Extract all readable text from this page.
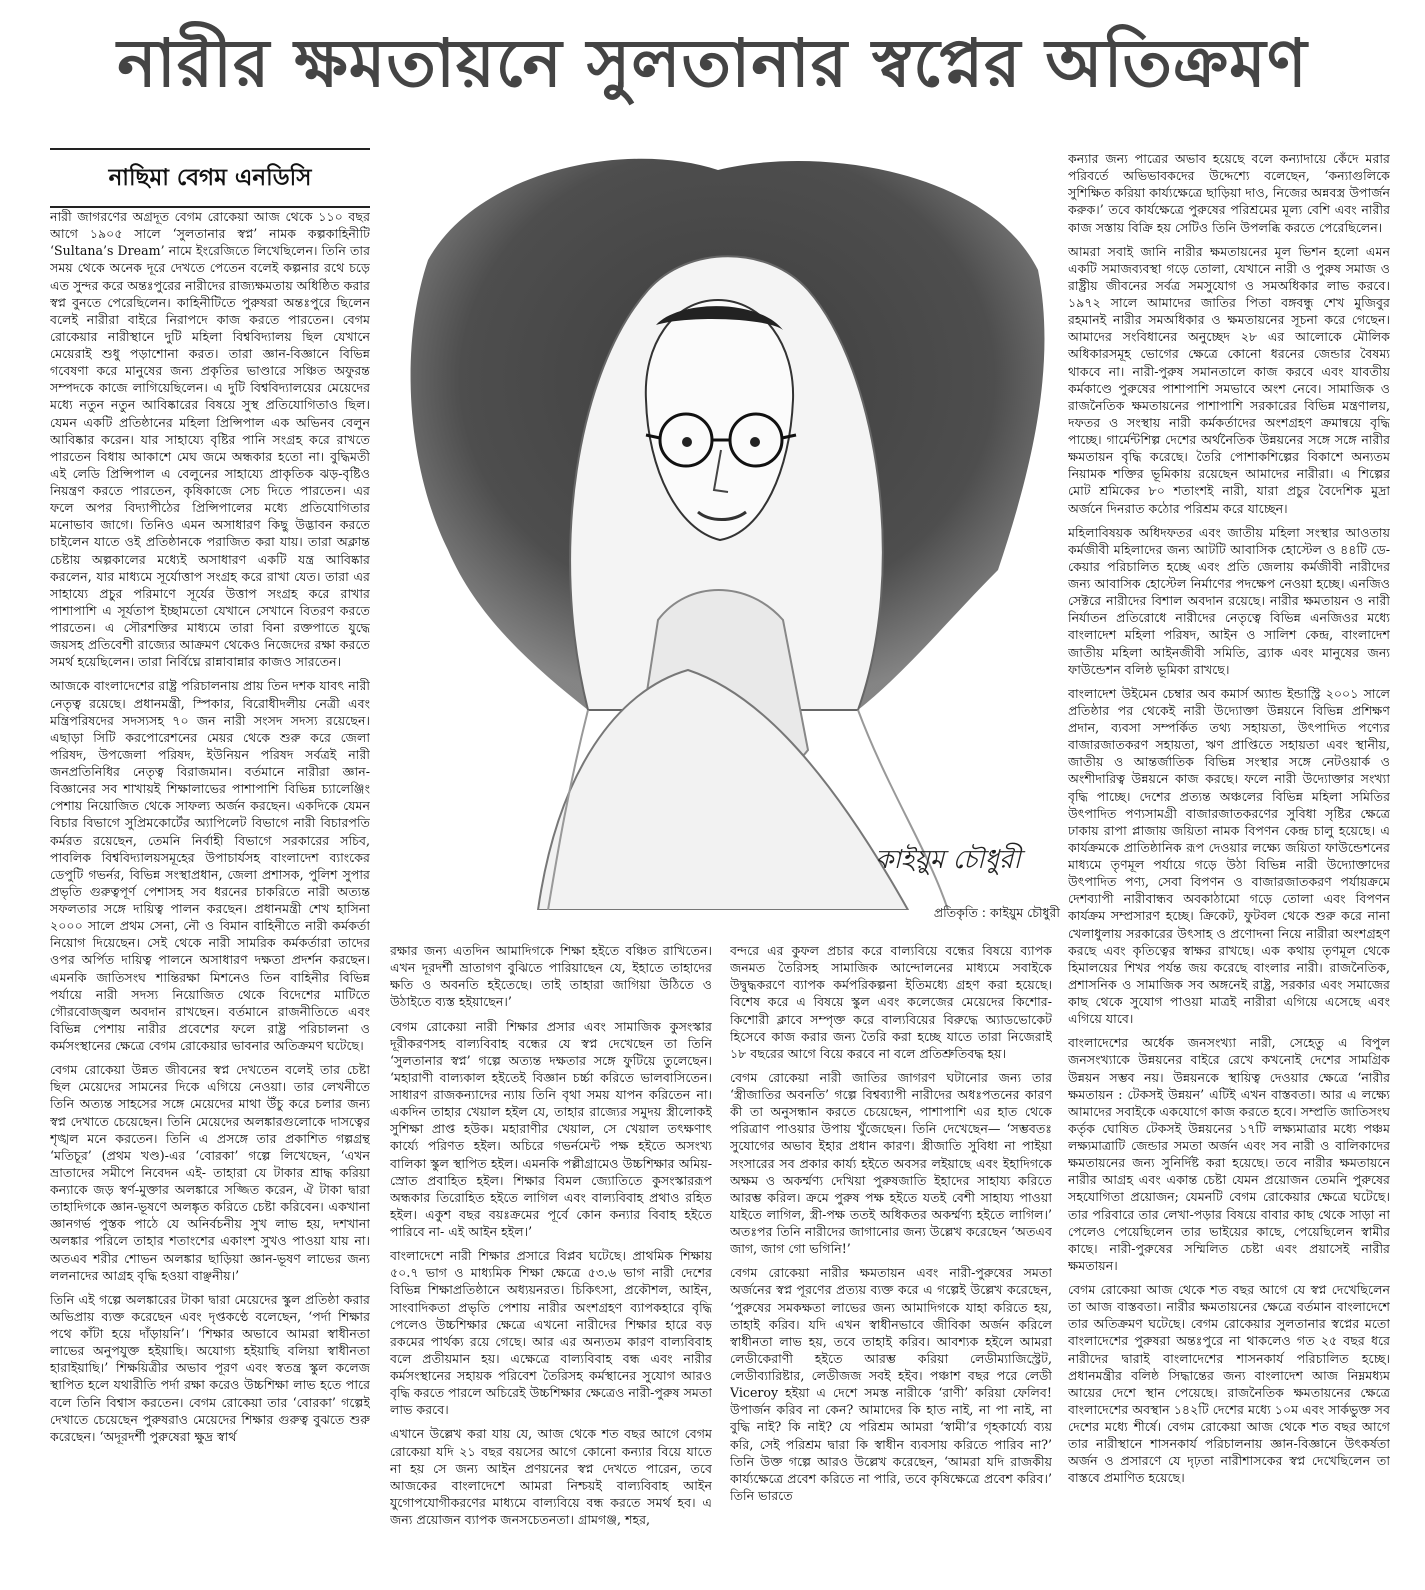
নারীর ক্ষমতায়নে সুলতানার স্বপ্নের অতিক্রমণ
নাছিমা বেগম এনডিসি

নারী জাগরণের অগ্রদূত বেগম রোকেয়া আজ থেকে ১১০ বছর আগে ১৯০৫ সালে ‘সুলতানার স্বপ্ন’ নামক কল্পকাহিনীটি ‘Sultana’s Dream’ নামে ইংরেজিতে লিখেছিলেন। তিনি তার সময় থেকে অনেক দূরে দেখতে পেতেন বলেই কল্পনার রথে চড়ে এত সুন্দর করে অন্তঃপুরের নারীদের রাজ্যক্ষমতায় অধিষ্ঠিত করার স্বপ্ন বুনতে পেরেছিলেন। কাহিনীটিতে পুরুষরা অন্তঃপুরে ছিলেন বলেই নারীরা বাইরে নিরাপদে কাজ করতে পারতেন। বেগম রোকেয়ার নারীস্থানে দুটি মহিলা বিশ্ববিদ্যালয় ছিল যেখানে মেয়েরাই শুধু পড়াশোনা করত। তারা জ্ঞান-বিজ্ঞানে বিভিন্ন গবেষণা করে মানুষের জন্য প্রকৃতির ভাণ্ডারে সঞ্চিত অফুরন্ত সম্পদকে কাজে লাগিয়েছিলেন। এ দুটি বিশ্ববিদ্যালয়ের মেয়েদের মধ্যে নতুন নতুন আবিষ্কারের বিষয়ে সুস্থ প্রতিযোগিতাও ছিল। যেমন একটি প্রতিষ্ঠানের মহিলা প্রিন্সিপাল এক অভিনব বেলুন আবিষ্কার করেন। যার সাহায্যে বৃষ্টির পানি সংগ্রহ করে রাখতে পারতেন বিধায় আকাশে মেঘ জমে অন্ধকার হতো না। বুদ্ধিমতী এই লেডি প্রিন্সিপাল এ বেলুনের সাহায্যে প্রাকৃতিক ঝড়-বৃষ্টিও নিয়ন্ত্রণ করতে পারতেন, কৃষিকাজে সেচ দিতে পারতেন। এর ফলে অপর বিদ্যাপীঠের প্রিন্সিপালের মধ্যে প্রতিযোগিতার মনোভাব জাগে। তিনিও এমন অসাধারণ কিছু উদ্ভাবন করতে চাইলেন যাতে ওই প্রতিষ্ঠানকে পরাজিত করা যায়। তারা অক্লান্ত চেষ্টায় অল্পকালের মধ্যেই অসাধারণ একটি যন্ত্র আবিষ্কার করলেন, যার মাধ্যমে সূর্যোত্তাপ সংগ্রহ করে রাখা যেত। তারা এর সাহায্যে প্রচুর পরিমাণে সূর্যের উত্তাপ সংগ্রহ করে রাখার পাশাপাশি এ সূর্যতাপ ইচ্ছামতো যেখানে সেখানে বিতরণ করতে পারতেন। এ সৌরশক্তির মাধ্যমে তারা বিনা রক্তপাতে যুদ্ধে জয়সহ প্রতিবেশী রাজ্যের আক্রমণ থেকেও নিজেদের রক্ষা করতে সমর্থ হয়েছিলেন। তারা নির্বিঘ্নে রান্নাবান্নার কাজও সারতেন।

আজকে বাংলাদেশের রাষ্ট্র পরিচালনায় প্রায় তিন দশক যাবৎ নারী নেতৃত্ব রয়েছে। প্রধানমন্ত্রী, স্পিকার, বিরোধীদলীয় নেত্রী এবং মন্ত্রিপরিষদের সদস্যসহ ৭০ জন নারী সংসদ সদস্য রয়েছেন। এছাড়া সিটি করপোরেশনের মেয়র থেকে শুরু করে জেলা পরিষদ, উপজেলা পরিষদ, ইউনিয়ন পরিষদ সর্বত্রই নারী জনপ্রতিনিধির নেতৃত্ব বিরাজমান। বর্তমানে নারীরা জ্ঞান-বিজ্ঞানের সব শাখায়ই শিক্ষালাভের পাশাপাশি বিভিন্ন চ্যালেঞ্জিং পেশায় নিয়োজিত থেকে সাফল্য অর্জন করছেন। একদিকে যেমন বিচার বিভাগে সুপ্রিমকোর্টের অ্যাপিলেট বিভাগে নারী বিচারপতি কর্মরত রয়েছেন, তেমনি নির্বাহী বিভাগে সরকারের সচিব, পাবলিক বিশ্ববিদ্যালয়সমূহের উপাচার্যসহ বাংলাদেশ ব্যাংকের ডেপুটি গভর্নর, বিভিন্ন সংস্থাপ্রধান, জেলা প্রশাসক, পুলিশ সুপার প্রভৃতি গুরুত্বপূর্ণ পেশাসহ সব ধরনের চাকরিতে নারী অত্যন্ত সফলতার সঙ্গে দায়িত্ব পালন করছেন। প্রধানমন্ত্রী শেখ হাসিনা ২০০০ সালে প্রথম সেনা, নৌ ও বিমান বাহিনীতে নারী কর্মকর্তা নিয়োগ দিয়েছেন। সেই থেকে নারী সামরিক কর্মকর্তারা তাদের ওপর অর্পিত দায়িত্ব পালনে অসাধারণ দক্ষতা প্রদর্শন করছেন। এমনকি জাতিসংঘ শান্তিরক্ষা মিশনেও তিন বাহিনীর বিভিন্ন পর্যায়ে নারী সদস্য নিয়োজিত থেকে বিদেশের মাটিতে গৌরবোজ্জ্বল অবদান রাখছেন। বর্তমানে রাজনীতিতে এবং বিভিন্ন পেশায় নারীর প্রবেশের ফলে রাষ্ট্র পরিচালনা ও কর্মসংস্থানের ক্ষেত্রে বেগম রোকেয়ার ভাবনার অতিক্রমণ ঘটেছে।

বেগম রোকেয়া উন্নত জীবনের স্বপ্ন দেখতেন বলেই তার চেষ্টা ছিল মেয়েদের সামনের দিকে এগিয়ে নেওয়া। তার লেখনীতে তিনি অত্যন্ত সাহসের সঙ্গে মেয়েদের মাথা উঁচু করে চলার জন্য স্বপ্ন দেখাতে চেয়েছেন। তিনি মেয়েদের অলঙ্কারগুলোকে দাসত্বের শৃঙ্খল মনে করতেন। তিনি এ প্রসঙ্গে তার প্রকাশিত গল্পগ্রন্থ ‘মতিচূর’ (প্রথম খণ্ড)-এর ‘বোরকা’ গল্পে লিখেছেন, ‘এখন ভ্রাতাদের সমীপে নিবেদন এই- তাহারা যে টাকার শ্রাদ্ধ করিয়া কন্যাকে জড় স্বর্ণ-মুক্তার অলঙ্কারে সজ্জিত করেন, ঐ টাকা দ্বারা তাহাদিগকে জ্ঞান-ভূষণে অলঙ্কৃত করিতে চেষ্টা করিবেন। একখানা জ্ঞানগর্ভ পুস্তক পাঠে যে অনির্বচনীয় সুখ লাভ হয়, দশখানা অলঙ্কার পরিলে তাহার শতাংশের একাংশ সুখও পাওয়া যায় না। অতএব শরীর শোভন অলঙ্কার ছাড়িয়া জ্ঞান-ভূষণ লাভের জন্য ললনাদের আগ্রহ বৃদ্ধি হওয়া বাঞ্ছনীয়।’

তিনি এই গল্পে অলঙ্কারের টাকা দ্বারা মেয়েদের স্কুল প্রতিষ্ঠা করার অভিপ্রায় ব্যক্ত করেছেন এবং দৃপ্তকণ্ঠে বলেছেন, ‘পর্দা শিক্ষার পথে কাঁটা হয়ে দাঁড়ায়নি’। ‘শিক্ষার অভাবে আমরা স্বাধীনতা লাভের অনুপযুক্ত হইয়াছি। অযোগ্য হইয়াছি বলিয়া স্বাধীনতা হারাইয়াছি।’ শিক্ষয়িত্রীর অভাব পূরণ এবং স্বতন্ত্র স্কুল কলেজ স্থাপিত হলে যথারীতি পর্দা রক্ষা করেও উচ্চশিক্ষা লাভ হতে পারে বলে তিনি বিশ্বাস করতেন। বেগম রোকেয়া তার ‘বোরকা’ গল্পেই দেখাতে চেয়েছেন পুরুষরাও মেয়েদের শিক্ষার গুরুত্ব বুঝতে শুরু করেছেন। ‘অদূরদর্শী পুরুষেরা ক্ষুদ্র স্বার্থ

কাইয়ুম চৌধুরী
প্রতিকৃতি : কাইয়ুম চৌধুরী

রক্ষার জন্য এতদিন আমাদিগকে শিক্ষা হইতে বঞ্চিত রাখিতেন। এখন দূরদর্শী ভ্রাতাগণ বুঝিতে পারিয়াছেন যে, ইহাতে তাহাদের ক্ষতি ও অবনতি হইতেছে। তাই তাহারা জাগিয়া উঠিতে ও উঠাইতে ব্যস্ত হইয়াছেন।’

বেগম রোকেয়া নারী শিক্ষার প্রসার এবং সামাজিক কুসংস্কার দূরীকরণসহ বাল্যবিবাহ বন্ধের যে স্বপ্ন দেখেছেন তা তিনি ‘সুলতানার স্বপ্ন’ গল্পে অত্যন্ত দক্ষতার সঙ্গে ফুটিয়ে তুলেছেন। ‘মহারাণী বাল্যকাল হইতেই বিজ্ঞান চর্চ্চা করিতে ভালবাসিতেন। সাধারণ রাজকন্যাদের ন্যায় তিনি বৃথা সময় যাপন করিতেন না। একদিন তাহার খেয়াল হইল যে, তাহার রাজ্যের সমুদয় স্ত্রীলোকই সুশিক্ষা প্রাপ্ত হউক। মহারাণীর খেয়াল, সে খেয়াল তৎক্ষণাৎ কার্য্যে পরিণত হইল। অচিরে গভর্নমেন্ট পক্ষ হইতে অসংখ্য বালিকা স্কুল স্থাপিত হইল। এমনকি পল্লীগ্রামেও উচ্চশিক্ষার অমিয়-স্রোত প্রবাহিত হইল। শিক্ষার বিমল জ্যোতিতে কুসংস্কাররূপ অন্ধকার তিরোহিত হইতে লাগিল এবং বাল্যবিবাহ প্রথাও রহিত হইল। একুশ বছর বয়ঃক্রমের পূর্বে কোন কন্যার বিবাহ হইতে পারিবে না- এই আইন হইল।’

বাংলাদেশে নারী শিক্ষার প্রসারে বিপ্লব ঘটেছে। প্রাথমিক শিক্ষায় ৫০.৭ ভাগ ও মাধ্যমিক শিক্ষা ক্ষেত্রে ৫৩.৬ ভাগ নারী দেশের বিভিন্ন শিক্ষাপ্রতিষ্ঠানে অধ্যয়নরত। চিকিৎসা, প্রকৌশল, আইন, সাংবাদিকতা প্রভৃতি পেশায় নারীর অংশগ্রহণ ব্যাপকহারে বৃদ্ধি পেলেও উচ্চশিক্ষার ক্ষেত্রে এখনো নারীদের শিক্ষার হারে বড় রকমের পার্থক্য রয়ে গেছে। আর এর অন্যতম কারণ বাল্যবিবাহ বলে প্রতীয়মান হয়। এক্ষেত্রে বাল্যবিবাহ বন্ধ এবং নারীর কর্মসংস্থানের সহায়ক পরিবেশ তৈরিসহ কর্মস্থানের সুযোগ আরও বৃদ্ধি করতে পারলে অচিরেই উচ্চশিক্ষার ক্ষেত্রেও নারী-পুরুষ সমতা লাভ করবে।

এখানে উল্লেখ করা যায় যে, আজ থেকে শত বছর আগে বেগম রোকেয়া যদি ২১ বছর বয়সের আগে কোনো কন্যার বিয়ে যাতে না হয় সে জন্য আইন প্রণয়নের স্বপ্ন দেখতে পারেন, তবে আজকের বাংলাদেশে আমরা নিশ্চয়ই বাল্যবিবাহ আইন যুগোপযোগীকরণের মাধ্যমে বাল্যবিয়ে বন্ধ করতে সমর্থ হব। এ জন্য প্রয়োজন ব্যাপক জনসচেতনতা। গ্রামগঞ্জ, শহর,

বন্দরে এর কুফল প্রচার করে বাল্যবিয়ে বন্ধের বিষয়ে ব্যাপক জনমত তৈরিসহ সামাজিক আন্দোলনের মাধ্যমে সবাইকে উদ্বুদ্ধকরণে ব্যাপক কর্মপরিকল্পনা ইতিমধ্যে গ্রহণ করা হয়েছে। বিশেষ করে এ বিষয়ে স্কুল এবং কলেজের মেয়েদের কিশোর-কিশোরী ক্লাবে সম্পৃক্ত করে বাল্যবিয়ের বিরুদ্ধে অ্যাডভোকেট হিসেবে কাজ করার জন্য তৈরি করা হচ্ছে যাতে তারা নিজেরাই ১৮ বছরের আগে বিয়ে করবে না বলে প্রতিশ্রুতিবদ্ধ হয়।

বেগম রোকেয়া নারী জাতির জাগরণ ঘটানোর জন্য তার ‘স্ত্রীজাতির অবনতি’ গল্পে বিশ্বব্যাপী নারীদের অধঃপতনের কারণ কী তা অনুসন্ধান করতে চেয়েছেন, পাশাপাশি এর হাত থেকে পরিত্রাণ পাওয়ার উপায় খুঁজেছেন। তিনি দেখেছেন— ‘সম্ভবতঃ সুযোগের অভাব ইহার প্রধান কারণ। স্ত্রীজাতি সুবিধা না পাইয়া সংসারের সব প্রকার কার্য্য হইতে অবসর লইয়াছে এবং ইহাদিগকে অক্ষম ও অকর্ম্মণ্য দেখিয়া পুরুষজাতি ইহাদের সাহায্য করিতে আরম্ভ করিল। ক্রমে পুরুষ পক্ষ হইতে যতই বেশী সাহায্য পাওয়া যাইতে লাগিল, স্ত্রী-পক্ষ ততই অধিকতর অকর্ম্মণ্য হইতে লাগিল।’ অতঃপর তিনি নারীদের জাগানোর জন্য উল্লেখ করেছেন ‘অতএব জাগ, জাগ গো ভগিনি!’

বেগম রোকেয়া নারীর ক্ষমতায়ন এবং নারী-পুরুষের সমতা অর্জনের স্বপ্ন পূরণের প্রত্যয় ব্যক্ত করে এ গল্পেই উল্লেখ করেছেন, ‘পুরুষের সমকক্ষতা লাভের জন্য আমাদিগকে যাহা করিতে হয়, তাহাই করিব। যদি এখন স্বাধীনভাবে জীবিকা অর্জন করিলে স্বাধীনতা লাভ হয়, তবে তাহাই করিব। আবশ্যক হইলে আমরা লেডীকেরাণী হইতে আরম্ভ করিয়া লেডীম্যাজিস্ট্রেট, লেডীব্যারিষ্টার, লেডীজজ সবই হইব। পঞ্চাশ বছর পরে লেডী Viceroy হইয়া এ দেশে সমস্ত নারীকে ‘রাণী’ করিয়া ফেলিব! উপার্জন করিব না কেন? আমাদের কি হাত নাই, না পা নাই, না বুদ্ধি নাই? কি নাই? যে পরিশ্রম আমরা ‘স্বামী’র গৃহকার্য্যে ব্যয় করি, সেই পরিশ্রম দ্বারা কি স্বাধীন ব্যবসায় করিতে পারিব না?’ তিনি উক্ত গল্পে আরও উল্লেখ করেছেন, ‘আমরা যদি রাজকীয় কার্য্যক্ষেত্রে প্রবেশ করিতে না পারি, তবে কৃষিক্ষেত্রে প্রবেশ করিব।’ তিনি ভারতে

কন্যার জন্য পাত্রের অভাব হয়েছে বলে কন্যাদায়ে কেঁদে মরার পরিবর্তে অভিভাবকদের উদ্দেশ্যে বলেছেন, ‘কন্যাগুলিকে সুশিক্ষিত করিয়া কার্য্যক্ষেত্রে ছাড়িয়া দাও, নিজের অন্নবস্ত্র উপার্জন করুক।’ তবে কার্যক্ষেত্রে পুরুষের পরিশ্রমের মূল্য বেশি এবং নারীর কাজ সস্তায় বিক্রি হয় সেটিও তিনি উপলব্ধি করতে পেরেছিলেন।

আমরা সবাই জানি নারীর ক্ষমতায়নের মূল ভিশন হলো এমন একটি সমাজব্যবস্থা গড়ে তোলা, যেখানে নারী ও পুরুষ সমাজ ও রাষ্ট্রীয় জীবনের সর্বত্র সমসুযোগ ও সমঅধিকার লাভ করবে। ১৯৭২ সালে আমাদের জাতির পিতা বঙ্গবন্ধু শেখ মুজিবুর রহমানই নারীর সমঅধিকার ও ক্ষমতায়নের সূচনা করে গেছেন। আমাদের সংবিধানের অনুচ্ছেদ ২৮ এর আলোকে মৌলিক অধিকারসমূহ ভোগের ক্ষেত্রে কোনো ধরনের জেন্ডার বৈষম্য থাকবে না। নারী-পুরুষ সমানতালে কাজ করবে এবং যাবতীয় কর্মকাণ্ডে পুরুষের পাশাপাশি সমভাবে অংশ নেবে। সামাজিক ও রাজনৈতিক ক্ষমতায়নের পাশাপাশি সরকারের বিভিন্ন মন্ত্রণালয়, দফতর ও সংস্থায় নারী কর্মকর্তাদের অংশগ্রহণ ক্রমান্বয়ে বৃদ্ধি পাচ্ছে। গার্মেন্টশিল্প দেশের অর্থনৈতিক উন্নয়নের সঙ্গে সঙ্গে নারীর ক্ষমতায়ন বৃদ্ধি করেছে। তৈরি পোশাকশিল্পের বিকাশে অন্যতম নিয়ামক শক্তির ভূমিকায় রয়েছেন আমাদের নারীরা। এ শিল্পের মোট শ্রমিকের ৮০ শতাংশই নারী, যারা প্রচুর বৈদেশিক মুদ্রা অর্জনে দিনরাত কঠোর পরিশ্রম করে যাচ্ছেন।

মহিলাবিষয়ক অধিদফতর এবং জাতীয় মহিলা সংস্থার আওতায় কর্মজীবী মহিলাদের জন্য আটটি আবাসিক হোস্টেল ও ৪৪টি ডে-কেয়ার পরিচালিত হচ্ছে এবং প্রতি জেলায় কর্মজীবী নারীদের জন্য আবাসিক হোস্টেল নির্মাণের পদক্ষেপ নেওয়া হচ্ছে। এনজিও সেক্টরে নারীদের বিশাল অবদান রয়েছে। নারীর ক্ষমতায়ন ও নারী নির্যাতন প্রতিরোধে নারীদের নেতৃত্বে বিভিন্ন এনজিওর মধ্যে বাংলাদেশ মহিলা পরিষদ, আইন ও সালিশ কেন্দ্র, বাংলাদেশ জাতীয় মহিলা আইনজীবী সমিতি, ব্র্যাক এবং মানুষের জন্য ফাউন্ডেশন বলিষ্ঠ ভূমিকা রাখছে।

বাংলাদেশ উইমেন চেম্বার অব কমার্স অ্যান্ড ইন্ডাস্ট্রি ২০০১ সালে প্রতিষ্ঠার পর থেকেই নারী উদ্যোক্তা উন্নয়নে বিভিন্ন প্রশিক্ষণ প্রদান, ব্যবসা সম্পর্কিত তথ্য সহায়তা, উৎপাদিত পণ্যের বাজারজাতকরণ সহায়তা, ঋণ প্রাপ্তিতে সহায়তা এবং স্থানীয়, জাতীয় ও আন্তর্জাতিক বিভিন্ন সংস্থার সঙ্গে নেটওয়ার্ক ও অংশীদারিত্ব উন্নয়নে কাজ করছে। ফলে নারী উদ্যোক্তার সংখ্যা বৃদ্ধি পাচ্ছে। দেশের প্রত্যন্ত অঞ্চলের বিভিন্ন মহিলা সমিতির উৎপাদিত পণ্যসামগ্রী বাজারজাতকরণের সুবিধা সৃষ্টির ক্ষেত্রে ঢাকায় রাপা প্লাজায় জয়িতা নামক বিপণন কেন্দ্র চালু হয়েছে। এ কার্যক্রমকে প্রাতিষ্ঠানিক রূপ দেওয়ার লক্ষ্যে জয়িতা ফাউন্ডেশনের মাধ্যমে তৃণমূল পর্যায়ে গড়ে উঠা বিভিন্ন নারী উদ্যোক্তাদের উৎপাদিত পণ্য, সেবা বিপণন ও বাজারজাতকরণ পর্যায়ক্রমে দেশব্যাপী নারীবান্ধব অবকাঠামো গড়ে তোলা এবং বিপণন কার্যক্রম সম্প্রসারণ হচ্ছে। ক্রিকেট, ফুটবল থেকে শুরু করে নানা খেলাধুলায় সরকারের উৎসাহ ও প্রণোদনা নিয়ে নারীরা অংশগ্রহণ করছে এবং কৃতিত্বের স্বাক্ষর রাখছে। এক কথায় তৃণমূল থেকে হিমালয়ের শিখর পর্যন্ত জয় করেছে বাংলার নারী। রাজনৈতিক, প্রশাসনিক ও সামাজিক সব অঙ্গনেই রাষ্ট্র, সরকার এবং সমাজের কাছ থেকে সুযোগ পাওয়া মাত্রই নারীরা এগিয়ে এসেছে এবং এগিয়ে যাবে।

বাংলাদেশের অর্ধেক জনসংখ্যা নারী, সেহেতু এ বিপুল জনসংখ্যাকে উন্নয়নের বাইরে রেখে কখনোই দেশের সামগ্রিক উন্নয়ন সম্ভব নয়। উন্নয়নকে স্থায়িত্ব দেওয়ার ক্ষেত্রে ‘নারীর ক্ষমতায়ন : টেকসই উন্নয়ন’ এটিই এখন বাস্তবতা। আর এ লক্ষ্যে আমাদের সবাইকে একযোগে কাজ করতে হবে। সম্প্রতি জাতিসংঘ কর্তৃক ঘোষিত টেকসই উন্নয়নের ১৭টি লক্ষ্যমাত্রার মধ্যে পঞ্চম লক্ষ্যমাত্রাটি জেন্ডার সমতা অর্জন এবং সব নারী ও বালিকাদের ক্ষমতায়নের জন্য সুনির্দিষ্ট করা হয়েছে। তবে নারীর ক্ষমতায়নে নারীর আগ্রহ এবং একান্ত চেষ্টা যেমন প্রয়োজন তেমনি পুরুষের সহযোগিতা প্রয়োজন; যেমনটি বেগম রোকেয়ার ক্ষেত্রে ঘটেছে। তার পরিবারে তার লেখা-পড়ার বিষয়ে বাবার কাছ থেকে সাড়া না পেলেও পেয়েছিলেন তার ভাইয়ের কাছে, পেয়েছিলেন স্বামীর কাছে। নারী-পুরুষের সম্মিলিত চেষ্টা এবং প্রয়াসেই নারীর ক্ষমতায়ন।

বেগম রোকেয়া আজ থেকে শত বছর আগে যে স্বপ্ন দেখেছিলেন তা আজ বাস্তবতা। নারীর ক্ষমতায়নের ক্ষেত্রে বর্তমান বাংলাদেশে তার অতিক্রমণ ঘটেছে। বেগম রোকেয়ার সুলতানার স্বপ্নের মতো বাংলাদেশের পুরুষরা অন্তঃপুরে না থাকলেও গত ২৫ বছর ধরে নারীদের দ্বারাই বাংলাদেশের শাসনকার্য পরিচালিত হচ্ছে। প্রধানমন্ত্রীর বলিষ্ঠ সিদ্ধান্তের জন্য বাংলাদেশ আজ নিম্নমধ্যম আয়ের দেশে স্থান পেয়েছে। রাজনৈতিক ক্ষমতায়নের ক্ষেত্রে বাংলাদেশের অবস্থান ১৪২টি দেশের মধ্যে ১০ম এবং সার্কভুক্ত সব দেশের মধ্যে শীর্ষে। বেগম রোকেয়া আজ থেকে শত বছর আগে তার নারীস্থানে শাসনকার্য পরিচালনায় জ্ঞান-বিজ্ঞানে উৎকর্ষতা অর্জন ও প্রসারণে যে দৃঢ়তা নারীশাসকের স্বপ্ন দেখেছিলেন তা বাস্তবে প্রমাণিত হয়েছে।
